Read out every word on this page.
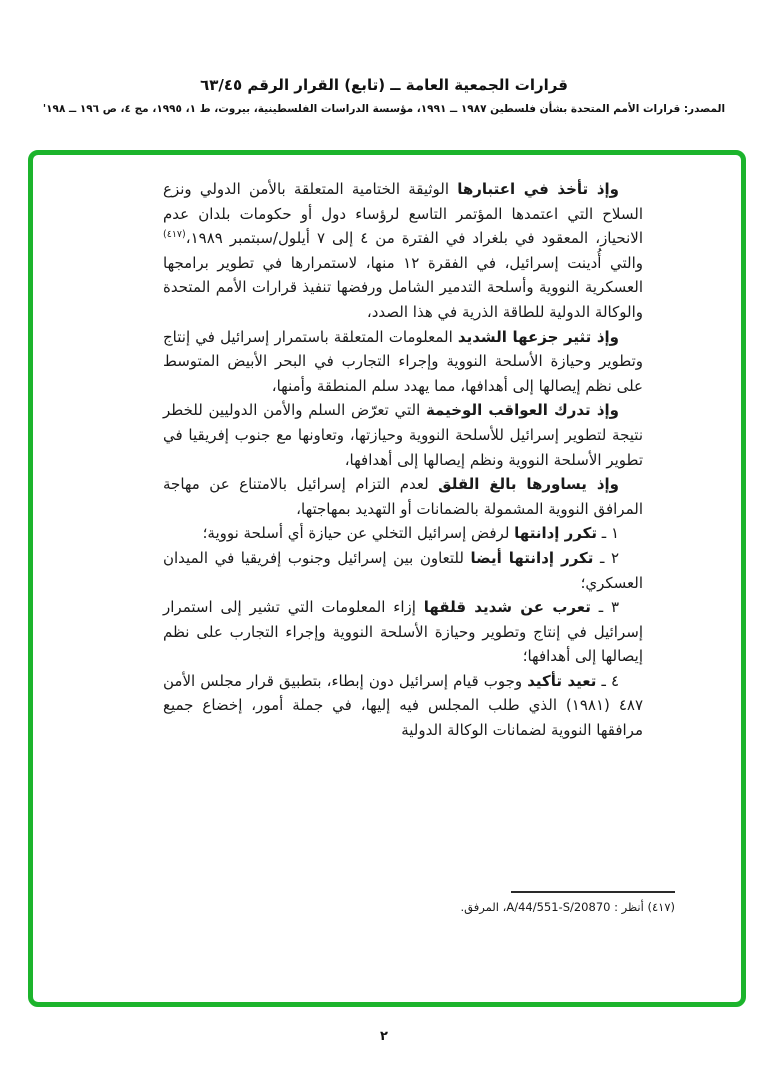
قرارات الجمعية العامة ــ (تابع) القرار الرقم ٦٣/٤٥
المصدر: قرارات الأمم المتحدة بشأن فلسطين ١٩٨٧ ــ ١٩٩١، مؤسسة الدراسات الفلسطينية، بيروت، ط ١، ١٩٩٥، مج ٤، ص ١٩٦ ــ ١٩٨'

وإذ تأخذ في اعتبارها الوثيقة الختامية المتعلقة بالأمن الدولي ونزع السلاح التي اعتمدها المؤتمر التاسع لرؤساء دول أو حكومات بلدان عدم الانحياز، المعقود في بلغراد في الفترة من ٤ إلى ٧ أيلول/سبتمبر ١٩٨٩،$^{(٤١٧)}$ والتي أُدينت إسرائيل، في الفقرة ١٢ منها، لاستمرارها في تطوير برامجها العسكرية النووية وأسلحة التدمير الشامل ورفضها تنفيذ قرارات الأمم المتحدة والوكالة الدولية للطاقة الذرية في هذا الصدد،

وإذ تثير جزعها الشديد المعلومات المتعلقة باستمرار إسرائيل في إنتاج وتطوير وحيازة الأسلحة النووية وإجراء التجارب في البحر الأبيض المتوسط على نظم إيصالها إلى أهدافها، مما يهدد سلم المنطقة وأمنها،

وإذ تدرك العواقب الوخيمة التي تعرّض السلم والأمن الدوليين للخطر نتيجة لتطوير إسرائيل للأسلحة النووية وحيازتها، وتعاونها مع جنوب إفريقيا في تطوير الأسلحة النووية ونظم إيصالها إلى أهدافها،

وإذ يساورها بالغ القلق لعدم التزام إسرائيل بالامتناع عن مهاجة المرافق النووية المشمولة بالضمانات أو التهديد بمهاجتها،

١ ـ تكرر إدانتها لرفض إسرائيل التخلي عن حيازة أي أسلحة نووية؛

٢ ـ تكرر إدانتها أيضا للتعاون بين إسرائيل وجنوب إفريقيا في الميدان العسكري؛

٣ ـ تعرب عن شديد قلقها إزاء المعلومات التي تشير إلى استمرار إسرائيل في إنتاج وتطوير وحيازة الأسلحة النووية وإجراء التجارب على نظم إيصالها إلى أهدافها؛

٤ ـ تعيد تأكيد وجوب قيام إسرائيل دون إبطاء، بتطبيق قرار مجلس الأمن ٤٨٧ (١٩٨١) الذي طلب المجلس فيه إليها، في جملة أمور، إخضاع جميع مرافقها النووية لضمانات الوكالة الدولية

(٤١٧) أنظر : A/44/551-S/20870، المرفق.

٢
